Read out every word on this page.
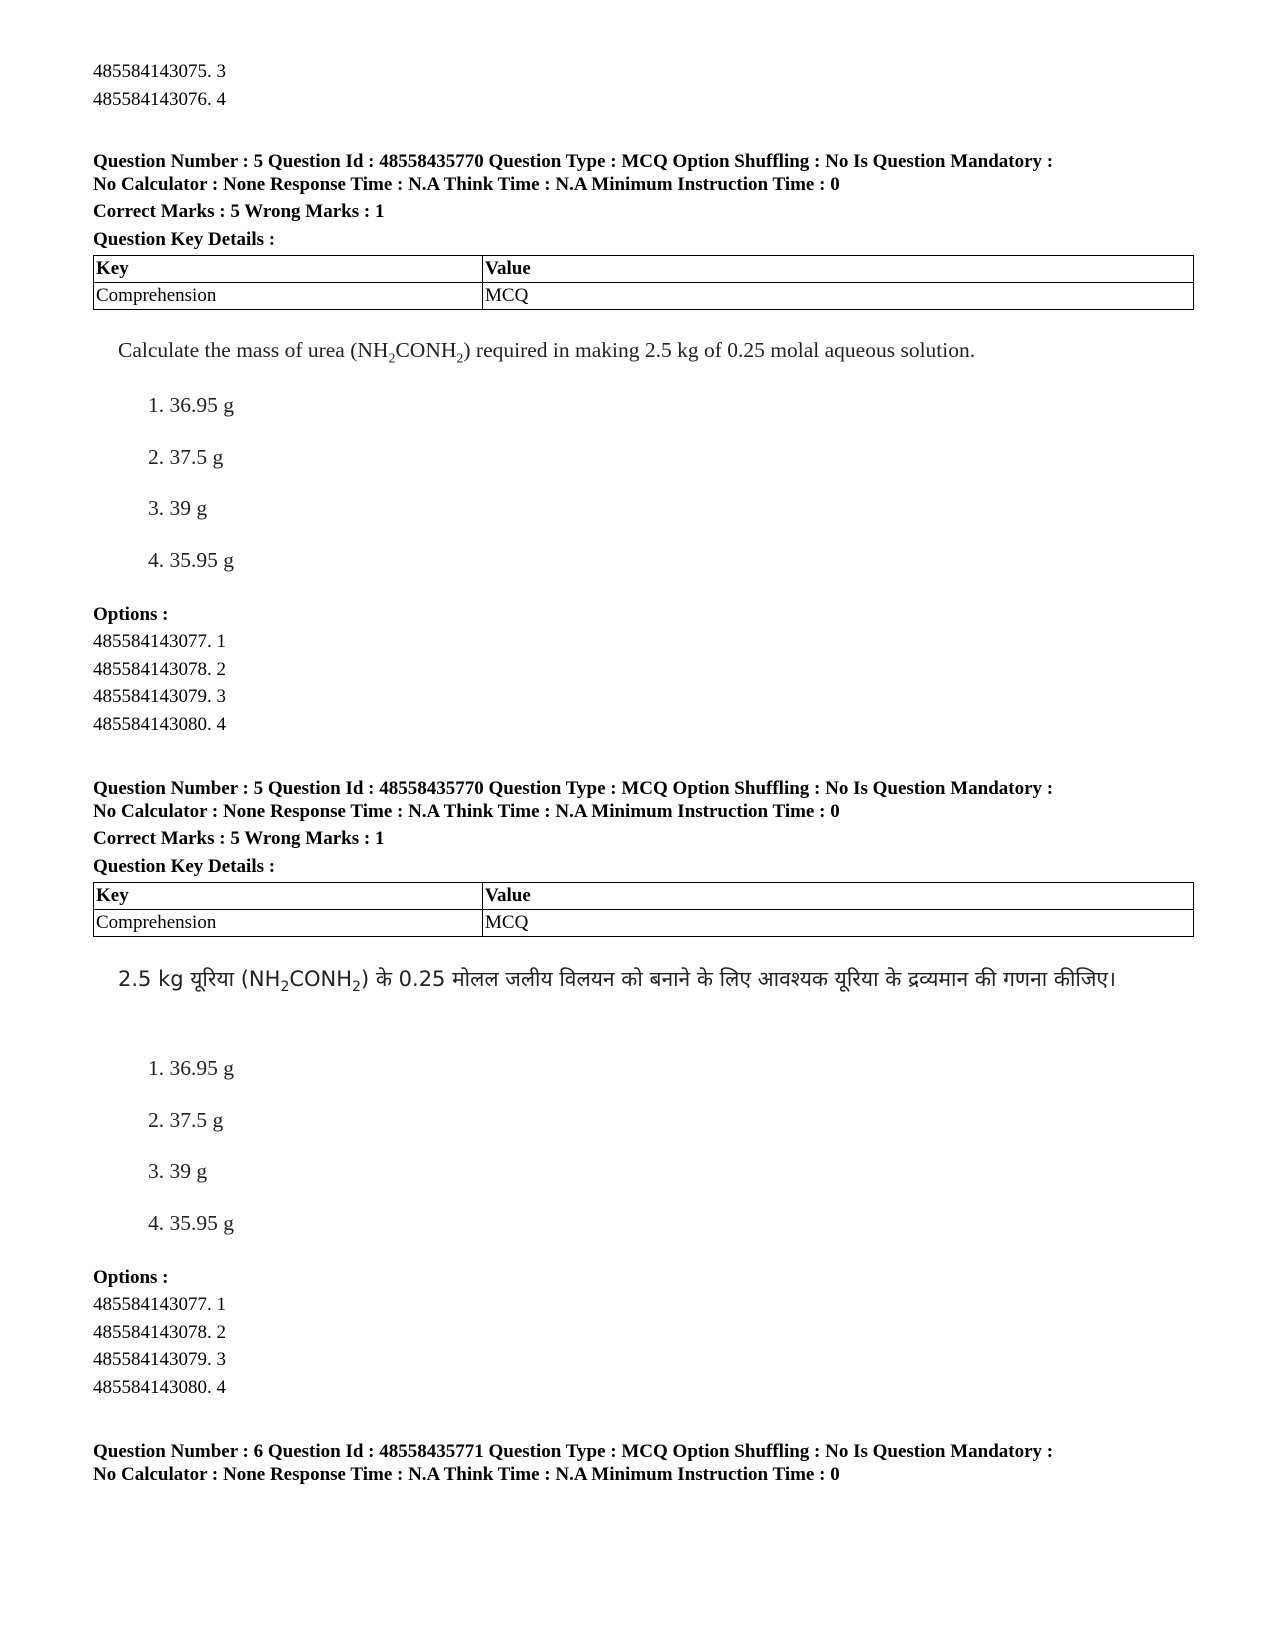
485584143075. 3
485584143076. 4
Question Number : 5 Question Id : 48558435770 Question Type : MCQ Option Shuffling : No Is Question Mandatory :
No Calculator : None Response Time : N.A Think Time : N.A Minimum Instruction Time : 0
Correct Marks : 5 Wrong Marks : 1
Question Key Details :
Key	Value
Comprehension	MCQ
Calculate the mass of urea $(NH_2CONH_2)$ required in making 2.5 kg of 0.25 molal aqueous solution.
1. 36.95 g
2. 37.5 g
3. 39 g
4. 35.95 g
Options :
485584143077. 1
485584143078. 2
485584143079. 3
485584143080. 4
Question Number : 5 Question Id : 48558435770 Question Type : MCQ Option Shuffling : No Is Question Mandatory :
No Calculator : None Response Time : N.A Think Time : N.A Minimum Instruction Time : 0
Correct Marks : 5 Wrong Marks : 1
Question Key Details :
Key	Value
Comprehension	MCQ
2.5 kg यूरिया $(NH_2CONH_2)$ के 0.25 मोलल जलीय विलयन को बनाने के लिए आवश्यक यूरिया के द्रव्यमान की गणना कीजिए।
1. 36.95 g
2. 37.5 g
3. 39 g
4. 35.95 g
Options :
485584143077. 1
485584143078. 2
485584143079. 3
485584143080. 4
Question Number : 6 Question Id : 48558435771 Question Type : MCQ Option Shuffling : No Is Question Mandatory :
No Calculator : None Response Time : N.A Think Time : N.A Minimum Instruction Time : 0
